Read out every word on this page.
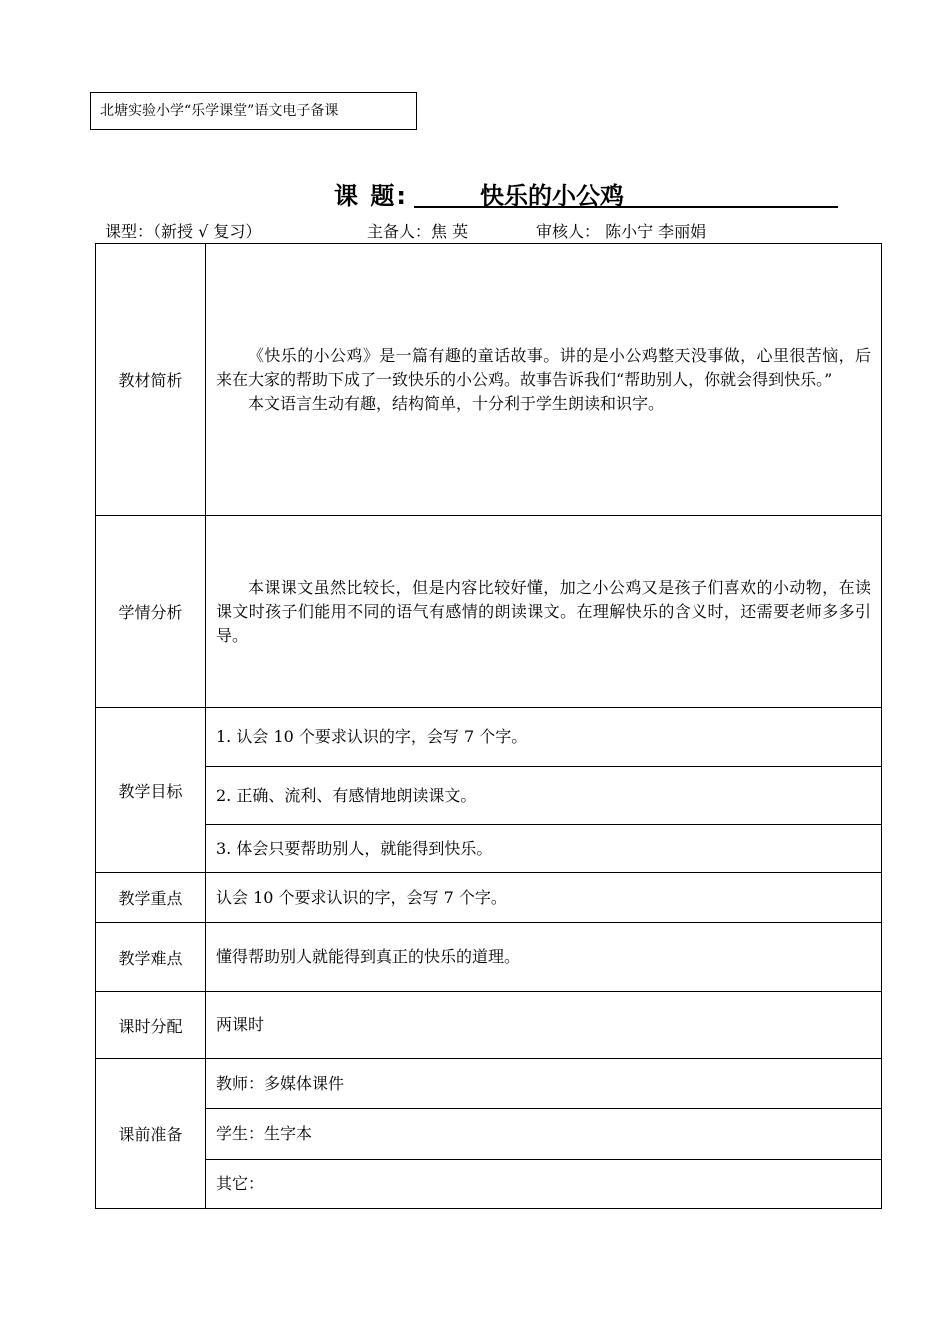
北塘实验小学“乐学课堂”语文电子备课
课 题:	快乐的小公鸡
课型：（新授 √ 复习）	主备人：焦 英	审核人： 陈小宁 李丽娟
教材简析	《快乐的小公鸡》是一篇有趣的童话故事。讲的是小公鸡整天没事做，心里很苦恼，后来在大家的帮助下成了一致快乐的小公鸡。故事告诉我们“帮助别人，你就会得到快乐。”

本文语言生动有趣，结构简单，十分利于学生朗读和识字。

学情分析	本课课文虽然比较长，但是内容比较好懂，加之小公鸡又是孩子们喜欢的小动物，在读课文时孩子们能用不同的语气有感情的朗读课文。在理解快乐的含义时，还需要老师多多引导。

教学目标	1. 认会 10 个要求认识的字，会写 7 个字。
	2. 正确、流利、有感情地朗读课文。
	3. 体会只要帮助别人，就能得到快乐。
教学重点	认会 10 个要求认识的字，会写 7 个字。
教学难点	懂得帮助别人就能得到真正的快乐的道理。
课时分配	两课时
课前准备	教师：多媒体课件
	学生：生字本
	其它：
